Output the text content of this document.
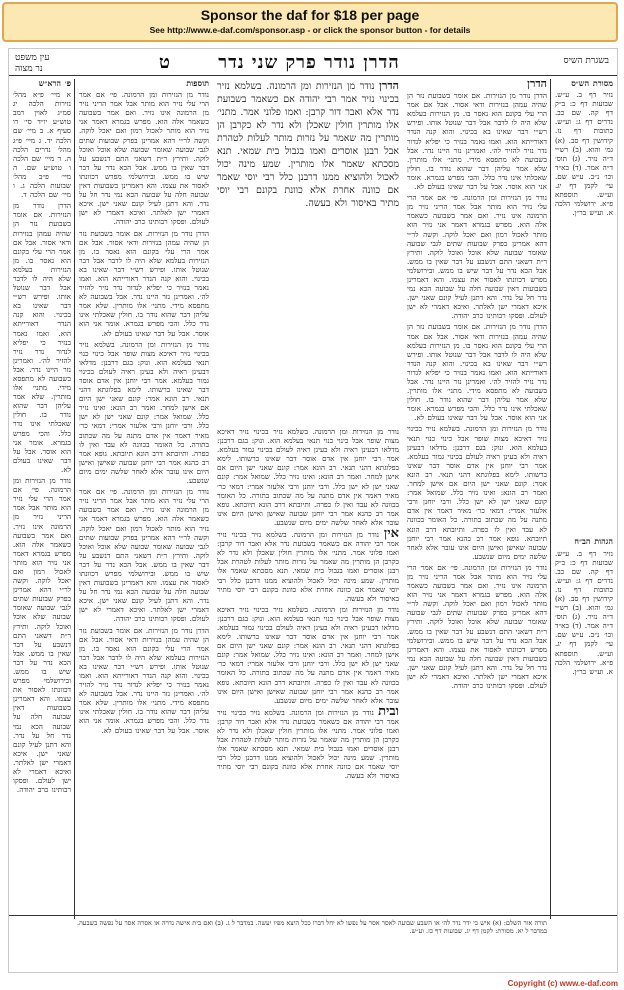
Sponsor the daf for $18 per page
See http://www.e-daf.com/sponsor.asp - or click the sponsor button - for details
בשגרת השיס
הדרן נודר פרק שני נדר
ט
עין משפט
נר מצוה

מסורת הש״ס

נזיר דף ב. ע״ש. שבועות דף כ: ב״ק דף קה. שם כב. נדרים דף ג: וע״ש. כתובות דף נז. קידושין דף סב. (א) גמ׳ והוא. (ב) רש״י ד״ה נזיר. (ג) תוס׳ ד״ה אמר. (ד) בא״ד וכו׳ נ״ב. ע״ש שם. עי׳ לקמן דף יג. וע״ש. תוספתא פ״א. ירושלמי הלכה א. וע״ש בר״ן.

הגהות הב״ח

נזיר דף ב. ע״ש. שבועות דף כ: ב״ק דף קה. שם כב. נדרים דף ג: וע״ש. כתובות דף נז. קידושין דף סב. (א) גמ׳ והוא. (ב) רש״י ד״ה נזיר. (ג) תוס׳ ד״ה אמר. (ד) בא״ד וכו׳ נ״ב. ע״ש שם. עי׳ לקמן דף יג. וע״ש. תוספתא פ״א. ירושלמי הלכה א. וע״ש בר״ן.

הדרן

הדרן נודר מן הנזירות. אם אומר בשבועת נזר הן שהיה עמהן בנזירות ודאי אסור. אבל אם אמר הרי עלי בקונם הוא נאסר בו. מן הנזירות בעלמא שלא היה לו לדבר אבל דבר שנוטל אותו. ופירש רש״י דבר שאינו בא בכינוי. והוא קנה הנדר דאורייתא הוא. ואמו נאמר בנזיר כי יפליא לנדור נדר נזיר להזיר לה׳. ואמרינן נזר היינו נדר. אבל בשבועה לא מתפסא מידי. מתני׳ אלו מותרין. שלא אמר עליהן דבר שהוא נודר בו. חולין שאכלתי אינו נדר כלל. והכי מפרש בגמרא. אומר אני הוא אוסר. אבל על דבר שאינו בעולם לא.

נודר מן הנזירות ומן הרמונה. פי׳ אם אמר הרי עלי נזיר הוא מותר אבל אמר הריני נזיר מן הרמונה אינו נזיר. ואם אמר בשבועה כשאמר אלה הוא. מפרש בגמרא דאמר אני נזיר הוא מותר לאכול רמון ואם יאכל לוקה. וקשה לר״י דהא אמרינן בפרק שבועות שתים לגבי שבועה שאומר שבועה שלא אוכל ואוכל לוקה. ותירץ ר״ת דשאני התם דנשבע על דבר שאין בו ממש. אבל הכא נדר על דבר שיש בו ממש. ובירושלמי מפרש דכוונתו לאסור את עצמו. והא דאמרינן בשבועות דאין שבועה חלה על שבועה הכא נמי נדר חל על נדר. והא דתנן לעיל קונם שאני ישן. איכא דאמרי ישן לאלתר. ואיכא דאמרי לא ישן לעולם. ופסקו רבותינו כרב יהודה.

הדרן נודר מן הנזירות. אם אומר בשבועת נזר הן שהיה עמהן בנזירות ודאי אסור. אבל אם אמר הרי עלי בקונם הוא נאסר בו. מן הנזירות בעלמא שלא היה לו לדבר אבל דבר שנוטל אותו. ופירש רש״י דבר שאינו בא בכינוי. והוא קנה הנדר דאורייתא הוא. ואמו נאמר בנזיר כי יפליא לנדור נדר נזיר להזיר לה׳. ואמרינן נזר היינו נדר. אבל בשבועה לא מתפסא מידי. מתני׳ אלו מותרין. שלא אמר עליהן דבר שהוא נודר בו. חולין שאכלתי אינו נדר כלל. והכי מפרש בגמרא. אומר אני הוא אוסר. אבל על דבר שאינו בעולם לא.

נודר מן הנזירות ומן הרמונה. בשלמא נזיר בכינוי נזיר דאיכא מצות שופר אבל כינוי כנוי תנאי בעלמא הוא. ונוק: בגם דרבנן: מדלאו דבעינן ראיה ולא בעינן ראיה לעולם בכינוי גמור בעלמא. אמר רבי יוחנן אין אדם אוסר דבר שאינו ברשותו. לימא בפלוגתא דהני תנאי. רב הונא אמר: קונם שאני ישן היום אם אישן למחר. ואמר רב הונא: ואינו נזיר כלל. שמואל אמר: קונם שאני ישן לא ישן כלל. ורבי יוחנן ורבי אלעזר אמרי: דמאי כר׳ מאיר דאמר אין אדם מתנה על מה שכתוב בתורה. כל האומר בכוונה לא עבד ואין לו כפרה. ותיובתא דרב הונא תיובתא. גופא אמר רב כהנא אמר רבי יוחנן שבועה שאישן ואישן היום אינו עובר אלא לאחר שלשה ימים מיום שנשבע.

נודר מן הנזירות ומן הרמונה. פי׳ אם אמר הרי עלי נזיר הוא מותר אבל אמר הריני נזיר מן הרמונה אינו נזיר. ואם אמר בשבועה כשאמר אלה הוא. מפרש בגמרא דאמר אני נזיר הוא מותר לאכול רמון ואם יאכל לוקה. וקשה לר״י דהא אמרינן בפרק שבועות שתים לגבי שבועה שאומר שבועה שלא אוכל ואוכל לוקה. ותירץ ר״ת דשאני התם דנשבע על דבר שאין בו ממש. אבל הכא נדר על דבר שיש בו ממש. ובירושלמי מפרש דכוונתו לאסור את עצמו. והא דאמרינן בשבועות דאין שבועה חלה על שבועה הכא נמי נדר חל על נדר. והא דתנן לעיל קונם שאני ישן. איכא דאמרי ישן לאלתר. ואיכא דאמרי לא ישן לעולם. ופסקו רבותינו כרב יהודה.

הדרן נודר מן הנזירות ומן הרמונה. בשלמא נזיר בכינוי נזיר אמר רבי יהודה אם כשאמר בשבועת נדר אלא ואבר דור קרבן: ואמו פלוני אמר. מתני׳ אלו מותרין חולין שאכלן ולא נדר לא כקרבן הן מותרין מה שאמר על נזרות מותר לעלות לטהרת אבל רבנן אוסרים ואמו בגבול בית שמאי. תנא מסכתא שאמר אלו מותרין. שמע מינה יכול לאכול ולהוציא ממנו דרבנן כלל רבי יוסי שאמר אם כוונה אחרת אלא כוונת בקונם רבי יוסי מתיר באיסור ולא בעשה.

תוספות

נודר מן הנזירות ומן הרמונה. פי׳ אם אמר הרי עלי נזיר הוא מותר אבל אמר הריני נזיר מן הרמונה אינו נזיר. ואם אמר בשבועה כשאמר אלה הוא. מפרש בגמרא דאמר אני נזיר הוא מותר לאכול רמון ואם יאכל לוקה. וקשה לר״י דהא אמרינן בפרק שבועות שתים לגבי שבועה שאומר שבועה שלא אוכל ואוכל לוקה. ותירץ ר״ת דשאני התם דנשבע על דבר שאין בו ממש. אבל הכא נדר על דבר שיש בו ממש. ובירושלמי מפרש דכוונתו לאסור את עצמו. והא דאמרינן בשבועות דאין שבועה חלה על שבועה הכא נמי נדר חל על נדר. והא דתנן לעיל קונם שאני ישן. איכא דאמרי ישן לאלתר. ואיכא דאמרי לא ישן לעולם. ופסקו רבותינו כרב יהודה.

הדרן נודר מן הנזירות. אם אומר בשבועת נזר הן שהיה עמהן בנזירות ודאי אסור. אבל אם אמר הרי עלי בקונם הוא נאסר בו. מן הנזירות בעלמא שלא היה לו לדבר אבל דבר שנוטל אותו. ופירש רש״י דבר שאינו בא בכינוי. והוא קנה הנדר דאורייתא הוא. ואמו נאמר בנזיר כי יפליא לנדור נדר נזיר להזיר לה׳. ואמרינן נזר היינו נדר. אבל בשבועה לא מתפסא מידי. מתני׳ אלו מותרין. שלא אמר עליהן דבר שהוא נודר בו. חולין שאכלתי אינו נדר כלל. והכי מפרש בגמרא. אומר אני הוא אוסר. אבל על דבר שאינו בעולם לא.

נודר מן הנזירות ומן הרמונה. בשלמא נזיר בכינוי נזיר דאיכא מצות שופר אבל כינוי כנוי תנאי בעלמא הוא. ונוק: בגם דרבנן: מדלאו דבעינן ראיה ולא בעינן ראיה לעולם בכינוי גמור בעלמא. אמר רבי יוחנן אין אדם אוסר דבר שאינו ברשותו. לימא בפלוגתא דהני תנאי. רב הונא אמר: קונם שאני ישן היום אם אישן למחר. ואמר רב הונא: ואינו נזיר כלל. שמואל אמר: קונם שאני ישן לא ישן כלל. ורבי יוחנן ורבי אלעזר אמרי: דמאי כר׳ מאיר דאמר אין אדם מתנה על מה שכתוב בתורה. כל האומר בכוונה לא עבד ואין לו כפרה. ותיובתא דרב הונא תיובתא. גופא אמר רב כהנא אמר רבי יוחנן שבועה שאישן ואישן היום אינו עובר אלא לאחר שלשה ימים מיום שנשבע.

נודר מן הנזירות ומן הרמונה. פי׳ אם אמר הרי עלי נזיר הוא מותר אבל אמר הריני נזיר מן הרמונה אינו נזיר. ואם אמר בשבועה כשאמר אלה הוא. מפרש בגמרא דאמר אני נזיר הוא מותר לאכול רמון ואם יאכל לוקה. וקשה לר״י דהא אמרינן בפרק שבועות שתים לגבי שבועה שאומר שבועה שלא אוכל ואוכל לוקה. ותירץ ר״ת דשאני התם דנשבע על דבר שאין בו ממש. אבל הכא נדר על דבר שיש בו ממש. ובירושלמי מפרש דכוונתו לאסור את עצמו. והא דאמרינן בשבועות דאין שבועה חלה על שבועה הכא נמי נדר חל על נדר. והא דתנן לעיל קונם שאני ישן. איכא דאמרי ישן לאלתר. ואיכא דאמרי לא ישן לעולם. ופסקו רבותינו כרב יהודה.

הדרן נודר מן הנזירות. אם אומר בשבועת נזר הן שהיה עמהן בנזירות ודאי אסור. אבל אם אמר הרי עלי בקונם הוא נאסר בו. מן הנזירות בעלמא שלא היה לו לדבר אבל דבר שנוטל אותו. ופירש רש״י דבר שאינו בא בכינוי. והוא קנה הנדר דאורייתא הוא. ואמו נאמר בנזיר כי יפליא לנדור נדר נזיר להזיר לה׳. ואמרינן נזר היינו נדר. אבל בשבועה לא מתפסא מידי. מתני׳ אלו מותרין. שלא אמר עליהן דבר שהוא נודר בו. חולין שאכלתי אינו נדר כלל. והכי מפרש בגמרא. אומר אני הוא אוסר. אבל על דבר שאינו בעולם לא.

פ׳ הרא״ש

א מיי׳ פ״א מהל׳ נזירות הלכה יג סמ״ג לאוין רמב טוש״ע יו״ד סי׳ רו סעיף א. ב מיי׳ שם הלכה יד. ג מיי׳ פ״ג מהל׳ נדרים הלכה ה. ד מיי׳ שם הלכה ו טוש״ע שם. ה מיי׳ פ״ב מהל׳ שבועות הלכה ג. ו מיי׳ שם הלכה ד.

הדרן נודר מן הנזירות. אם אומר בשבועת נזר הן שהיה עמהן בנזירות ודאי אסור. אבל אם אמר הרי עלי בקונם הוא נאסר בו. מן הנזירות בעלמא שלא היה לו לדבר אבל דבר שנוטל אותו. ופירש רש״י דבר שאינו בא בכינוי. והוא קנה הנדר דאורייתא הוא. ואמו נאמר בנזיר כי יפליא לנדור נדר נזיר להזיר לה׳. ואמרינן נזר היינו נדר. אבל בשבועה לא מתפסא מידי. מתני׳ אלו מותרין. שלא אמר עליהן דבר שהוא נודר בו. חולין שאכלתי אינו נדר כלל. והכי מפרש בגמרא. אומר אני הוא אוסר. אבל על דבר שאינו בעולם לא.

נודר מן הנזירות ומן הרמונה. פי׳ אם אמר הרי עלי נזיר הוא מותר אבל אמר הריני נזיר מן הרמונה אינו נזיר. ואם אמר בשבועה כשאמר אלה הוא. מפרש בגמרא דאמר אני נזיר הוא מותר לאכול רמון ואם יאכל לוקה. וקשה לר״י דהא אמרינן בפרק שבועות שתים לגבי שבועה שאומר שבועה שלא אוכל ואוכל לוקה. ותירץ ר״ת דשאני התם דנשבע על דבר שאין בו ממש. אבל הכא נדר על דבר שיש בו ממש. ובירושלמי מפרש דכוונתו לאסור את עצמו. והא דאמרינן בשבועות דאין שבועה חלה על שבועה הכא נמי נדר חל על נדר. והא דתנן לעיל קונם שאני ישן. איכא דאמרי ישן לאלתר. ואיכא דאמרי לא ישן לעולם. ופסקו רבותינו כרב יהודה.

נודר מן הנזירות ומן הרמונה. בשלמא נזיר בכינוי נזיר דאיכא מצות שופר אבל כינוי כנוי תנאי בעלמא הוא. ונוק: בגם דרבנן: מדלאו דבעינן ראיה ולא בעינן ראיה לעולם בכינוי גמור בעלמא. אמר רבי יוחנן אין אדם אוסר דבר שאינו ברשותו. לימא בפלוגתא דהני תנאי. רב הונא אמר: קונם שאני ישן היום אם אישן למחר. ואמר רב הונא: ואינו נזיר כלל. שמואל אמר: קונם שאני ישן לא ישן כלל. ורבי יוחנן ורבי אלעזר אמרי: דמאי כר׳ מאיר דאמר אין אדם מתנה על מה שכתוב בתורה. כל האומר בכוונה לא עבד ואין לו כפרה. ותיובתא דרב הונא תיובתא. גופא אמר רב כהנא אמר רבי יוחנן שבועה שאישן ואישן היום אינו עובר אלא לאחר שלשה ימים מיום שנשבע.

אין נודר מן הנזירות ומן הרמונה. בשלמא נזיר בכינוי נזיר אמר רבי יהודה אם כשאמר בשבועת נדר אלא ואבר דור קרבן: ואמו פלוני אמר. מתני׳ אלו מותרין חולין שאכלן ולא נדר לא כקרבן הן מותרין מה שאמר על נזרות מותר לעלות לטהרת אבל רבנן אוסרים ואמו בגבול בית שמאי. תנא מסכתא שאמר אלו מותרין. שמע מינה יכול לאכול ולהוציא ממנו דרבנן כלל רבי יוסי שאמר אם כוונה אחרת אלא כוונת בקונם רבי יוסי מתיר באיסור ולא בעשה.

נודר מן הנזירות ומן הרמונה. בשלמא נזיר בכינוי נזיר דאיכא מצות שופר אבל כינוי כנוי תנאי בעלמא הוא. ונוק: בגם דרבנן: מדלאו דבעינן ראיה ולא בעינן ראיה לעולם בכינוי גמור בעלמא. אמר רבי יוחנן אין אדם אוסר דבר שאינו ברשותו. לימא בפלוגתא דהני תנאי. רב הונא אמר: קונם שאני ישן היום אם אישן למחר. ואמר רב הונא: ואינו נזיר כלל. שמואל אמר: קונם שאני ישן לא ישן כלל. ורבי יוחנן ורבי אלעזר אמרי: דמאי כר׳ מאיר דאמר אין אדם מתנה על מה שכתוב בתורה. כל האומר בכוונה לא עבד ואין לו כפרה. ותיובתא דרב הונא תיובתא. גופא אמר רב כהנא אמר רבי יוחנן שבועה שאישן ואישן היום אינו עובר אלא לאחר שלשה ימים מיום שנשבע.

ובית נודר מן הנזירות ומן הרמונה. בשלמא נזיר בכינוי נזיר אמר רבי יהודה אם כשאמר בשבועת נדר אלא ואבר דור קרבן: ואמו פלוני אמר. מתני׳ אלו מותרין חולין שאכלן ולא נדר לא כקרבן הן מותרין מה שאמר על נזרות מותר לעלות לטהרת אבל רבנן אוסרים ואמו בגבול בית שמאי. תנא מסכתא שאמר אלו מותרין. שמע מינה יכול לאכול ולהוציא ממנו דרבנן כלל רבי יוסי שאמר אם כוונה אחרת אלא כוונת בקונם רבי יוסי מתיר באיסור ולא בעשה.

תורה אור השלם: (א) איש כי ידר נדר לה׳ או השבע שבועה לאסר אסר על נפשו לא יחל דברו ככל היצא מפיו יעשה. במדבר ל ג. (ב) ואם בית אישה נדרה או אסרה אסר על נפשה בשבעה. במדבר ל יא. מסורת: לקמן דף יג. שבועות דף כז. וע״ש.
Copyright (c) www.e-daf.com
